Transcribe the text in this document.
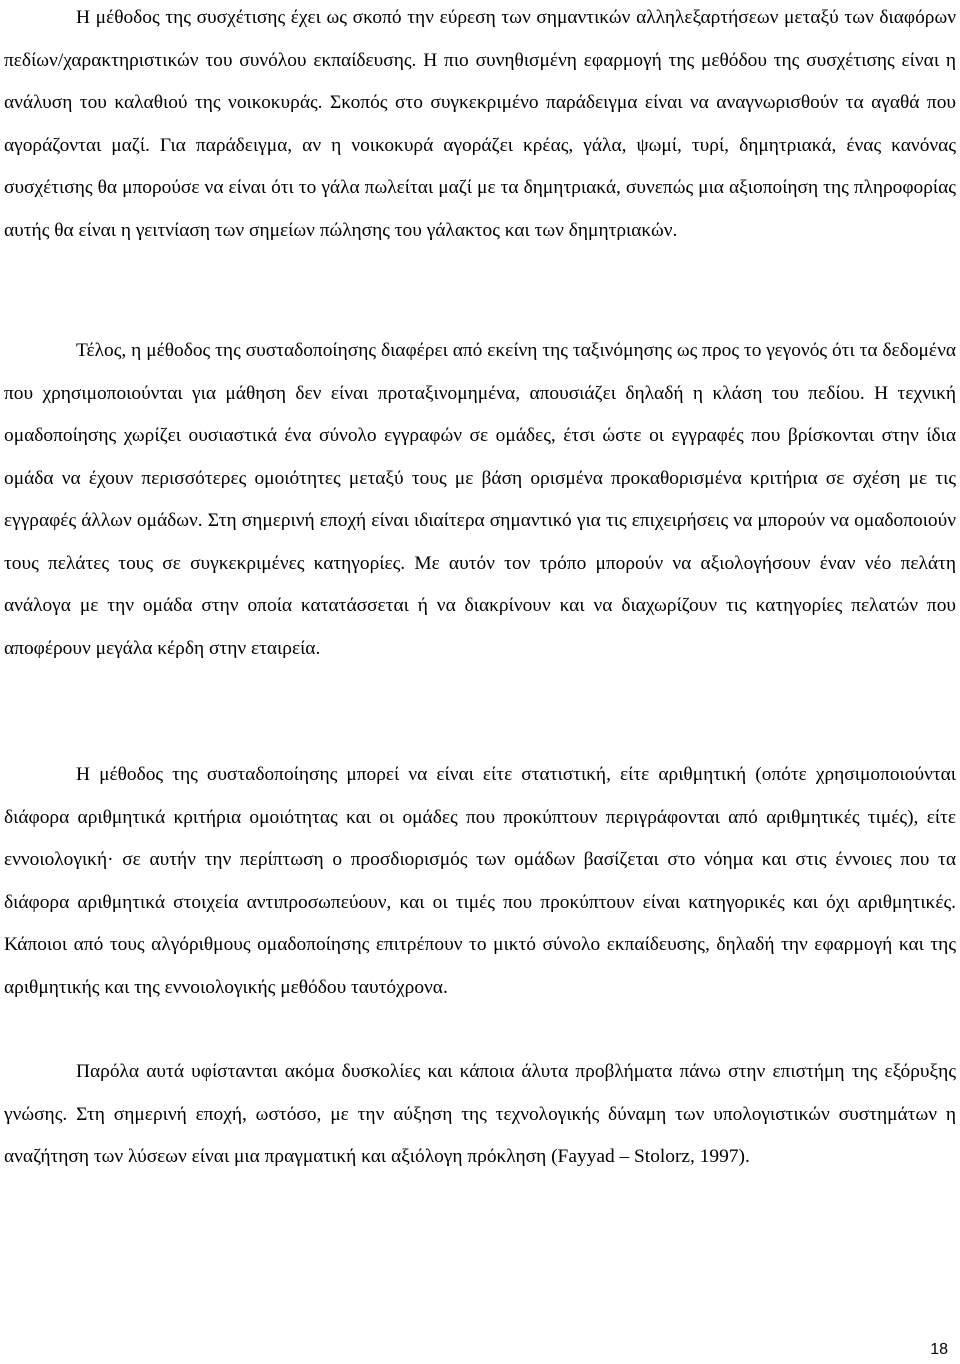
Η μέθοδος της συσχέτισης έχει ως σκοπό την εύρεση των σημαντικών αλληλεξαρτήσεων μεταξύ των διαφόρων πεδίων/χαρακτηριστικών του συνόλου εκπαίδευσης. Η πιο συνηθισμένη εφαρμογή της μεθόδου της συσχέτισης είναι η ανάλυση του καλαθιού της νοικοκυράς. Σκοπός στο συγκεκριμένο παράδειγμα είναι να αναγνωρισθούν τα αγαθά που αγοράζονται μαζί. Για παράδειγμα, αν η νοικοκυρά αγοράζει κρέας, γάλα, ψωμί, τυρί, δημητριακά, ένας κανόνας συσχέτισης θα μπορούσε να είναι ότι το γάλα πωλείται μαζί με τα δημητριακά, συνεπώς μια αξιοποίηση της πληροφορίας αυτής θα είναι η γειτνίαση των σημείων πώλησης του γάλακτος και των δημητριακών.

Τέλος, η μέθοδος της συσταδοποίησης διαφέρει από εκείνη της ταξινόμησης ως προς το γεγονός ότι τα δεδομένα που χρησιμοποιούνται για μάθηση δεν είναι προταξινομημένα, απουσιάζει δηλαδή η κλάση του πεδίου. Η τεχνική ομαδοποίησης χωρίζει ουσιαστικά ένα σύνολο εγγραφών σε ομάδες, έτσι ώστε οι εγγραφές που βρίσκονται στην ίδια ομάδα να έχουν περισσότερες ομοιότητες μεταξύ τους με βάση ορισμένα προκαθορισμένα κριτήρια σε σχέση με τις εγγραφές άλλων ομάδων. Στη σημερινή εποχή είναι ιδιαίτερα σημαντικό για τις επιχειρήσεις να μπορούν να ομαδοποιούν τους πελάτες τους σε συγκεκριμένες κατηγορίες. Με αυτόν τον τρόπο μπορούν να αξιολογήσουν έναν νέο πελάτη ανάλογα με την ομάδα στην οποία κατατάσσεται ή να διακρίνουν και να διαχωρίζουν τις κατηγορίες πελατών που αποφέρουν μεγάλα κέρδη στην εταιρεία.

Η μέθοδος της συσταδοποίησης μπορεί να είναι είτε στατιστική, είτε αριθμητική (οπότε χρησιμοποιούνται διάφορα αριθμητικά κριτήρια ομοιότητας και οι ομάδες που προκύπτουν περιγράφονται από αριθμητικές τιμές), είτε εννοιολογική· σε αυτήν την περίπτωση ο προσδιορισμός των ομάδων βασίζεται στο νόημα και στις έννοιες που τα διάφορα αριθμητικά στοιχεία αντιπροσωπεύουν, και οι τιμές που προκύπτουν είναι κατηγορικές και όχι αριθμητικές. Κάποιοι από τους αλγόριθμους ομαδοποίησης επιτρέπουν το μικτό σύνολο εκπαίδευσης, δηλαδή την εφαρμογή και της αριθμητικής και της εννοιολογικής μεθόδου ταυτόχρονα.

Παρόλα αυτά υφίστανται ακόμα δυσκολίες και κάποια άλυτα προβλήματα πάνω στην επιστήμη της εξόρυξης γνώσης. Στη σημερινή εποχή, ωστόσο, με την αύξηση της τεχνολογικής δύναμη των υπολογιστικών συστημάτων η αναζήτηση των λύσεων είναι μια πραγματική και αξιόλογη πρόκληση (Fayyad – Stolorz, 1997).

18
